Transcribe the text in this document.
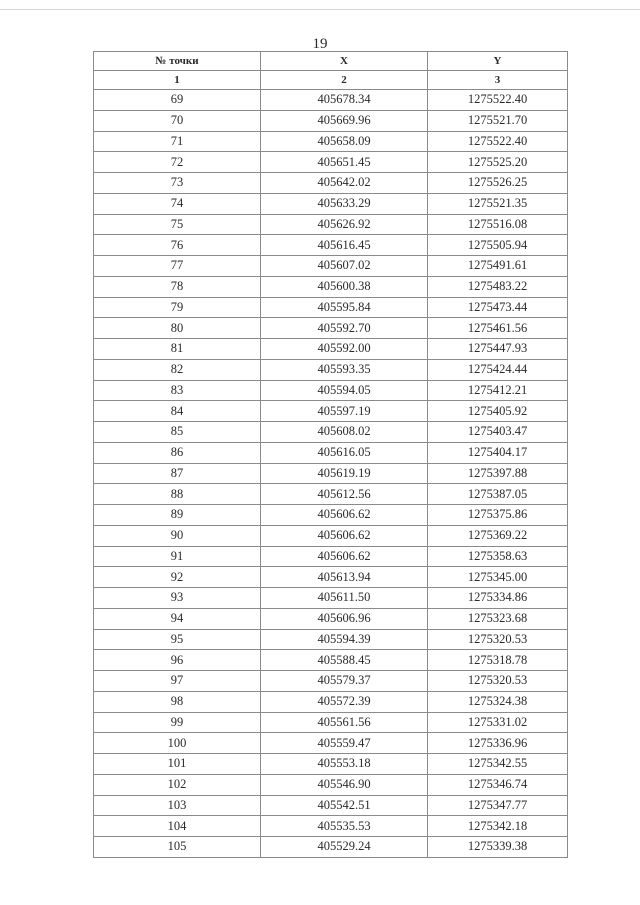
19
№ точки	X	Y
1	2	3
69	405678.34	1275522.40
70	405669.96	1275521.70
71	405658.09	1275522.40
72	405651.45	1275525.20
73	405642.02	1275526.25
74	405633.29	1275521.35
75	405626.92	1275516.08
76	405616.45	1275505.94
77	405607.02	1275491.61
78	405600.38	1275483.22
79	405595.84	1275473.44
80	405592.70	1275461.56
81	405592.00	1275447.93
82	405593.35	1275424.44
83	405594.05	1275412.21
84	405597.19	1275405.92
85	405608.02	1275403.47
86	405616.05	1275404.17
87	405619.19	1275397.88
88	405612.56	1275387.05
89	405606.62	1275375.86
90	405606.62	1275369.22
91	405606.62	1275358.63
92	405613.94	1275345.00
93	405611.50	1275334.86
94	405606.96	1275323.68
95	405594.39	1275320.53
96	405588.45	1275318.78
97	405579.37	1275320.53
98	405572.39	1275324.38
99	405561.56	1275331.02
100	405559.47	1275336.96
101	405553.18	1275342.55
102	405546.90	1275346.74
103	405542.51	1275347.77
104	405535.53	1275342.18
105	405529.24	1275339.38
